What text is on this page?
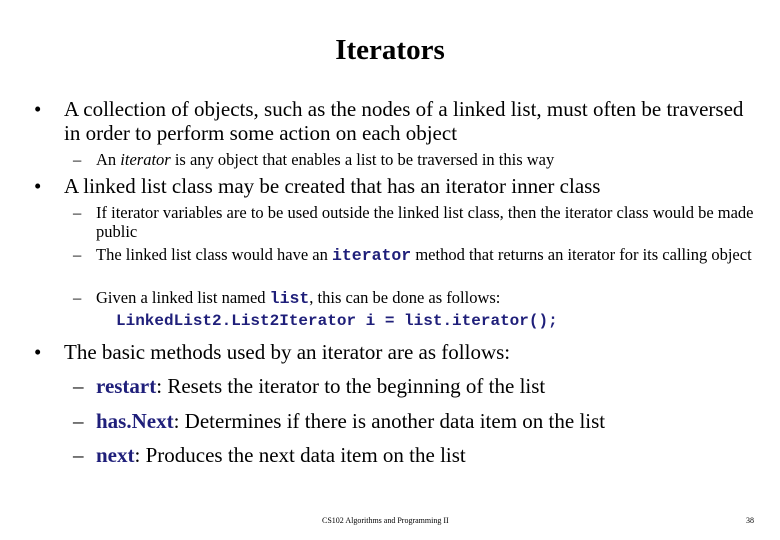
Iterators
• A collection of objects, such as the nodes of a linked list, must often be traversed in order to perform some action on each object
– An iterator is any object that enables a list to be traversed in this way
• A linked list class may be created that has an iterator inner class
– If iterator variables are to be used outside the linked list class, then the iterator class would be made public
– The linked list class would have an iterator method that returns an iterator for its calling object
– Given a linked list named list, this can be done as follows:
LinkedList2.List2Iterator i = list.iterator();
• The basic methods used by an iterator are as follows:
– restart: Resets the iterator to the beginning of the list
– has.Next: Determines if there is another data item on the list
– next: Produces the next data item on the list
CS102 Algorithms and Programming II	38
